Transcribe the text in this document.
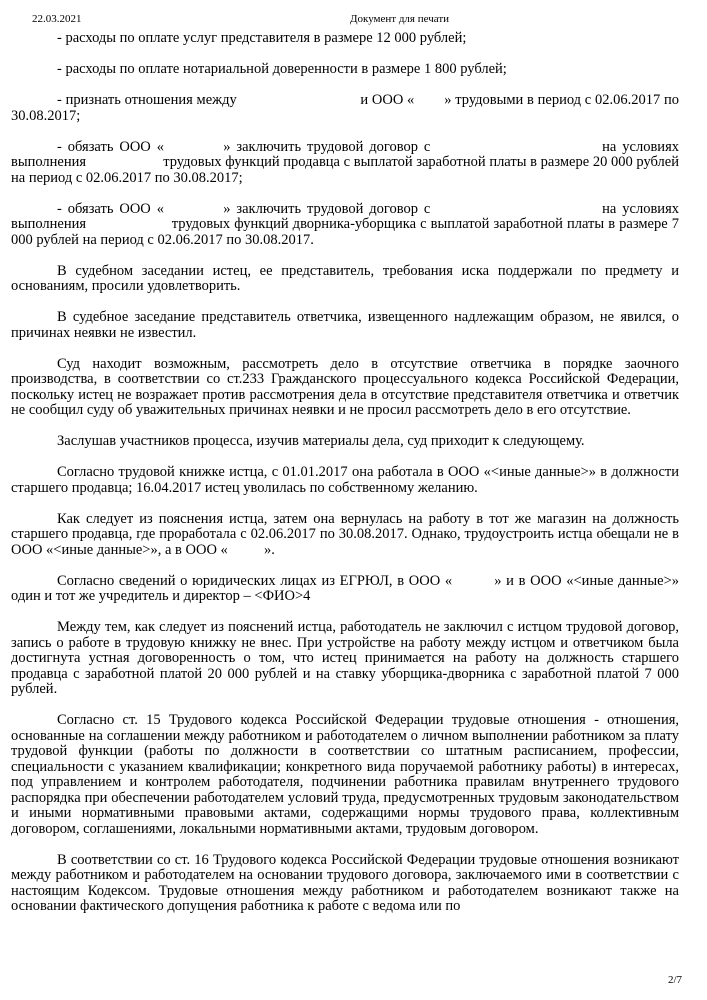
22.03.2021	Документ для печати

- расходы по оплате услуг представителя в размере 12 000 рублей;

- расходы по оплате нотариальной доверенности в размере 1 800 рублей;

- признать отношения между                                 и ООО «        » трудовыми в период с 02.06.2017 по 30.08.2017;

- обязать ООО «          » заключить трудовой договор с                             на условиях выполнения                     трудовых функций продавца с выплатой заработной платы в размере 20 000 рублей на период с 02.06.2017 по 30.08.2017;

- обязать ООО «          » заключить трудовой договор с                             на условиях выполнения                     трудовых функций дворника-уборщика с выплатой заработной платы в размере 7 000 рублей на период с 02.06.2017 по 30.08.2017.

В судебном заседании истец, ее представитель, требования иска поддержали по предмету и основаниям, просили удовлетворить.

В судебное заседание представитель ответчика, извещенного надлежащим образом, не явился, о причинах неявки не известил.

Суд находит возможным, рассмотреть дело в отсутствие ответчика в порядке заочного производства, в соответствии со ст.233 Гражданского процессуального кодекса Российской Федерации, поскольку истец не возражает против рассмотрения дела в отсутствие представителя ответчика и ответчик не сообщил суду об уважительных причинах неявки и не просил рассмотреть дело в его отсутствие.

Заслушав участников процесса, изучив материалы дела, суд приходит к следующему.

Согласно трудовой книжке истца, с 01.01.2017 она работала в ООО «<иные данные>» в должности старшего продавца; 16.04.2017 истец уволилась по собственному желанию.

Как следует из пояснения истца, затем она вернулась на работу в тот же магазин на должность старшего продавца, где проработала с 02.06.2017 по 30.08.2017. Однако, трудоустроить истца обещали не в ООО «<иные данные>», а в ООО «          ».

Согласно сведений о юридических лицах из ЕГРЮЛ, в ООО «         » и в ООО «<иные данные>» один и тот же учредитель и директор – <ФИО>4

Между тем, как следует из пояснений истца, работодатель не заключил с истцом трудовой договор, запись о работе в трудовую книжку не внес. При устройстве на работу между истцом и ответчиком была достигнута устная договоренность о том, что истец принимается на работу на должность старшего продавца с заработной платой 20 000 рублей и на ставку уборщика-дворника с заработной платой 7 000 рублей.

Согласно ст. 15 Трудового кодекса Российской Федерации трудовые отношения - отношения, основанные на соглашении между работником и работодателем о личном выполнении работником за плату трудовой функции (работы по должности в соответствии со штатным расписанием, профессии, специальности с указанием квалификации; конкретного вида поручаемой работнику работы) в интересах, под управлением и контролем работодателя, подчинении работника правилам внутреннего трудового распорядка при обеспечении работодателем условий труда, предусмотренных трудовым законодательством и иными нормативными правовыми актами, содержащими нормы трудового права, коллективным договором, соглашениями, локальными нормативными актами, трудовым договором.

В соответствии со ст. 16 Трудового кодекса Российской Федерации трудовые отношения возникают между работником и работодателем на основании трудового договора, заключаемого ими в соответствии с настоящим Кодексом. Трудовые отношения между работником и работодателем возникают также на основании фактического допущения работника к работе с ведома или по

2/7
